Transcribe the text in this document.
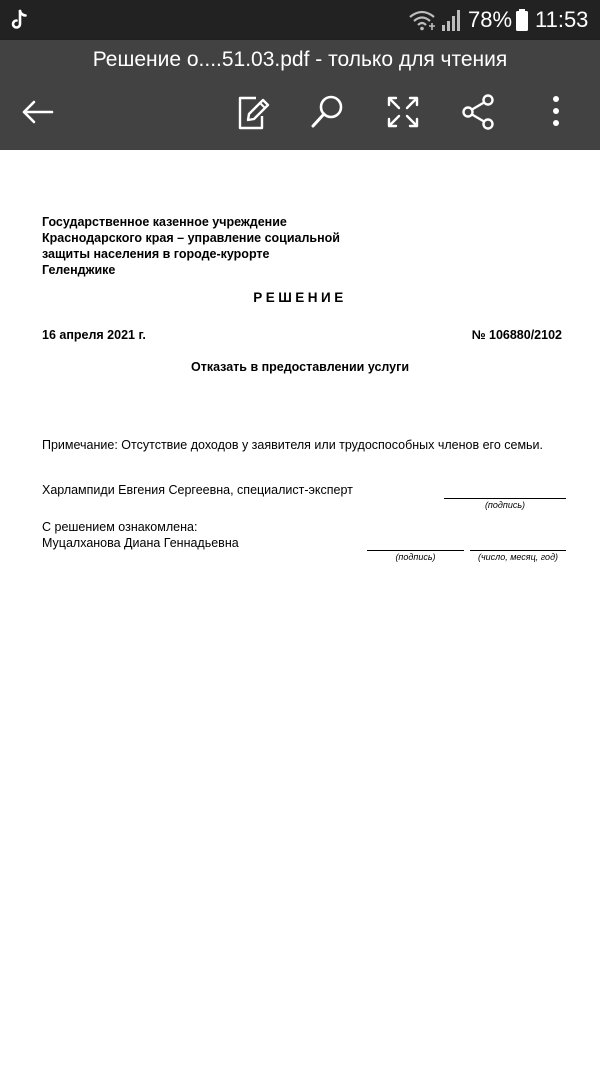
78% 11:53
Решение о....51.03.pdf - только для чтения
Государственное казенное учреждение Краснодарского края – управление социальной защиты населения в городе-курорте Геленджике
РЕШЕНИЕ
16 апреля 2021 г.	№ 106880/2102
Отказать в предоставлении услуги
Примечание: Отсутствие доходов у заявителя или трудоспособных членов его семьи.
Харлампиди Евгения Сергеевна, специалист-эксперт
(подпись)
С решением ознакомлена:
Муцалханова Диана Геннадьевна
(подпись)	(число, месяц, год)
